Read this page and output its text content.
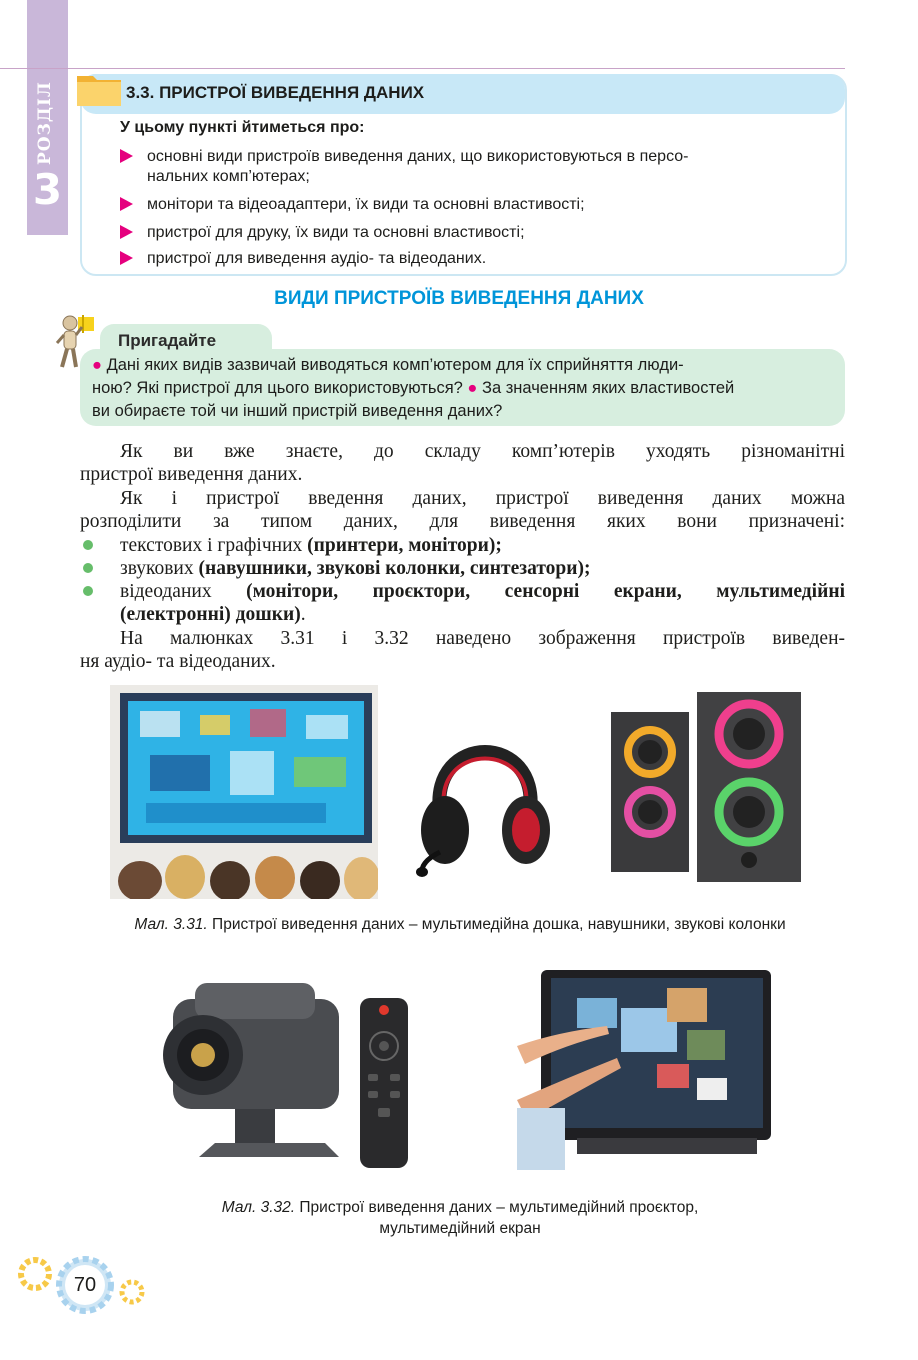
РОЗДІЛ
3
3.3. ПРИСТРОЇ ВИВЕДЕННЯ ДАНИХ
У цьому пункті йтиметься про:
основні види пристроїв виведення даних, що використовуються в персо-
нальних комп’ютерах;
монітори та відеоадаптери, їх види та основні властивості;
пристрої для друку, їх види та основні властивості;
пристрої для виведення аудіо- та відеоданих.
ВИДИ ПРИСТРОЇВ ВИВЕДЕННЯ ДАНИХ
Пригадайте
● Дані яких видів зазвичай виводяться комп’ютером для їх сприйняття люди-
ною? Які пристрої для цього використовуються? ● За значенням яких властивостей
ви обираєте той чи інший пристрій виведення даних?
Як ви вже знаєте, до складу комп’ютерів уходять різноманітні
пристрої виведення даних.
Як і пристрої введення даних, пристрої виведення даних можна
розподілити за типом даних, для виведення яких вони призначені:
текстових і графічних (принтери, монітори);
звукових (навушники, звукові колонки, синтезатори);
відеоданих (монітори, проєктори, сенсорні екрани, мультимедійні
(електронні) дошки).
На малюнках 3.31 і 3.32 наведено зображення пристроїв виведен-
ня аудіо- та відеоданих.
Мал. 3.31. Пристрої виведення даних – мультимедійна дошка, навушники, звукові колонки
Мал. 3.32. Пристрої виведення даних – мультимедійний проєктор,
мультимедійний екран
70
